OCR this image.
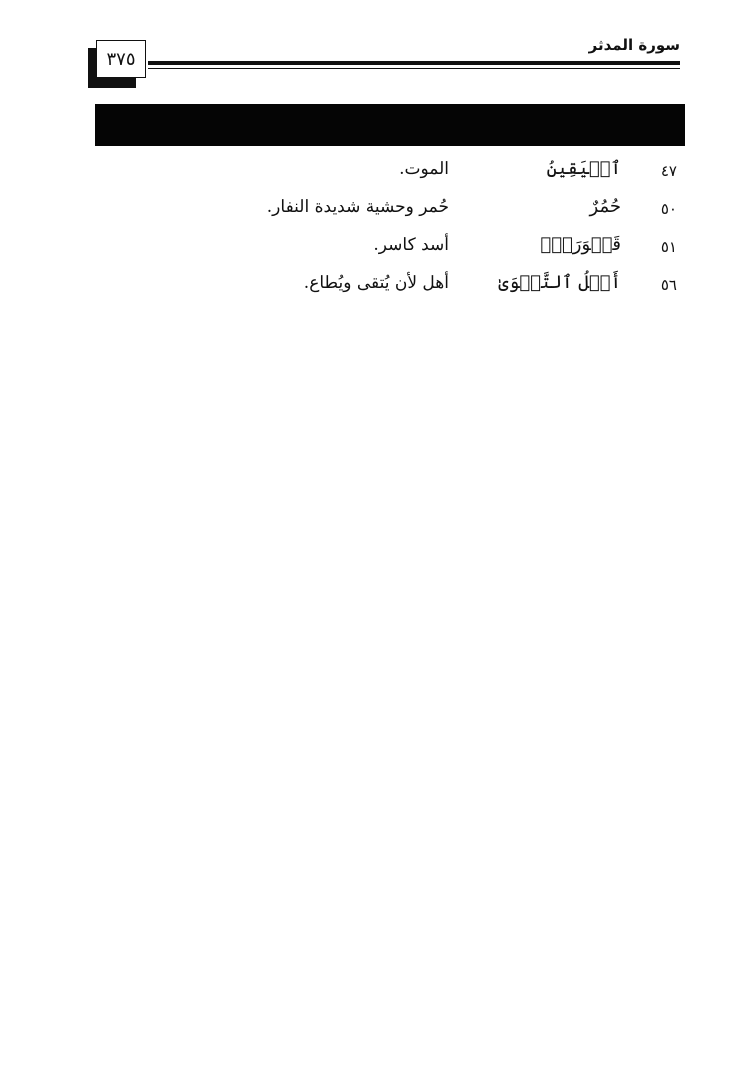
سورة المدثر
٣٧٥
٤٧
ٱلۡيَقِينُ
الموت.
٥٠
حُمُرٌ
حُمر وحشية شديدة النفار.
٥١
قَسۡوَرَةِۭ
أسد كاسر.
٥٦
أَهۡلُ ٱلتَّقۡوَىٰ
أهل لأن يُتقى ويُطاع.
